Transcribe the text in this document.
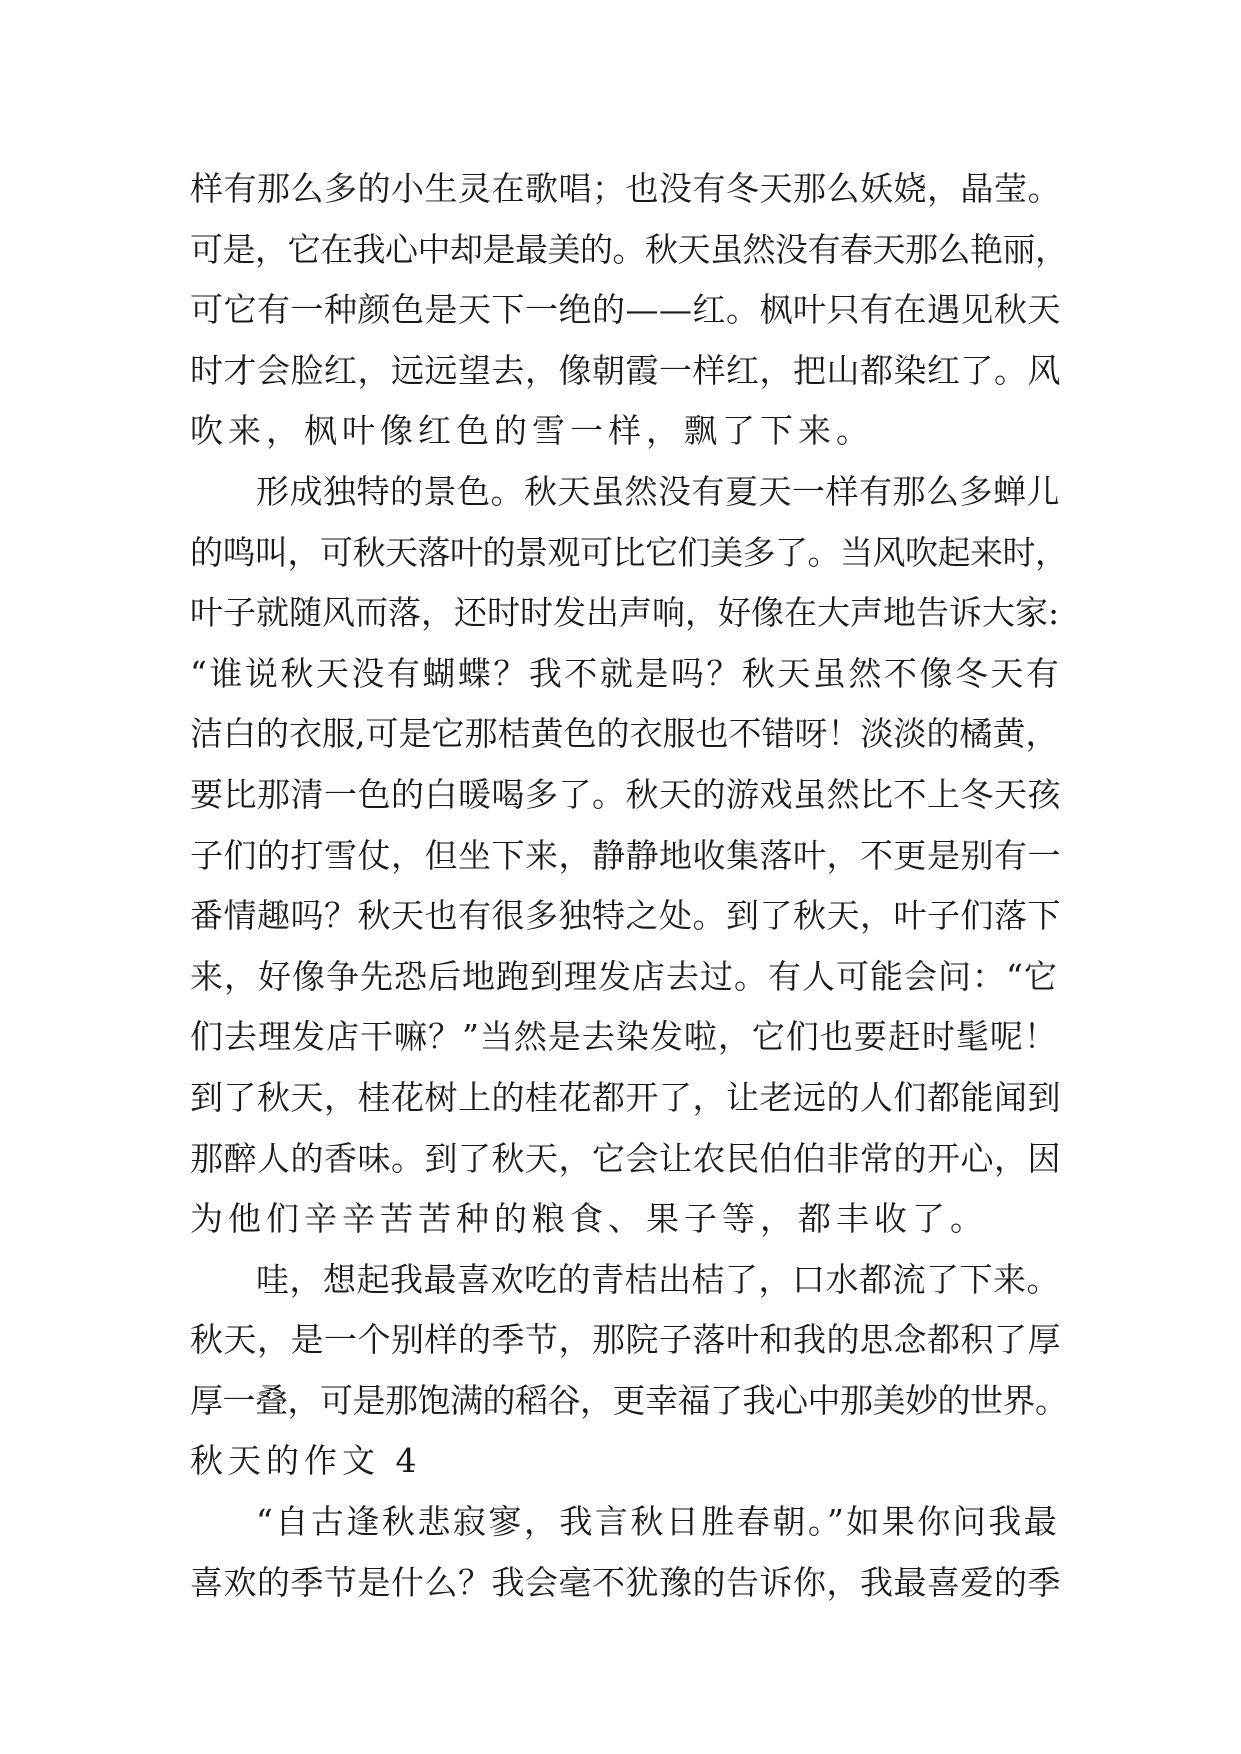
样有那么多的小生灵在歌唱；也没有冬天那么妖娆，晶莹。
可是，它在我心中却是最美的。秋天虽然没有春天那么艳丽，
可它有一种颜色是天下一绝的——红。枫叶只有在遇见秋天
时才会脸红，远远望去，像朝霞一样红，把山都染红了。风
吹来，枫叶像红色的雪一样，飘了下来。
形成独特的景色。秋天虽然没有夏天一样有那么多蝉儿
的鸣叫，可秋天落叶的景观可比它们美多了。当风吹起来时，
叶子就随风而落，还时时发出声响，好像在大声地告诉大家:
“谁说秋天没有蝴蝶？我不就是吗？秋天虽然不像冬天有
洁白的衣服,可是它那桔黄色的衣服也不错呀！淡淡的橘黄，
要比那清一色的白暖喝多了。秋天的游戏虽然比不上冬天孩
子们的打雪仗，但坐下来，静静地收集落叶，不更是别有一
番情趣吗？秋天也有很多独特之处。到了秋天，叶子们落下
来，好像争先恐后地跑到理发店去过。有人可能会问：“它
们去理发店干嘛？”当然是去染发啦，它们也要赶时髦呢！
到了秋天，桂花树上的桂花都开了，让老远的人们都能闻到
那醉人的香味。到了秋天，它会让农民伯伯非常的开心，因
为他们辛辛苦苦种的粮食、果子等，都丰收了。
哇，想起我最喜欢吃的青桔出桔了，口水都流了下来。
秋天，是一个别样的季节，那院子落叶和我的思念都积了厚
厚一叠，可是那饱满的稻谷，更幸福了我心中那美妙的世界。
秋天的作文 4
“自古逢秋悲寂寥，我言秋日胜春朝。”如果你问我最
喜欢的季节是什么？我会毫不犹豫的告诉你，我最喜爱的季
